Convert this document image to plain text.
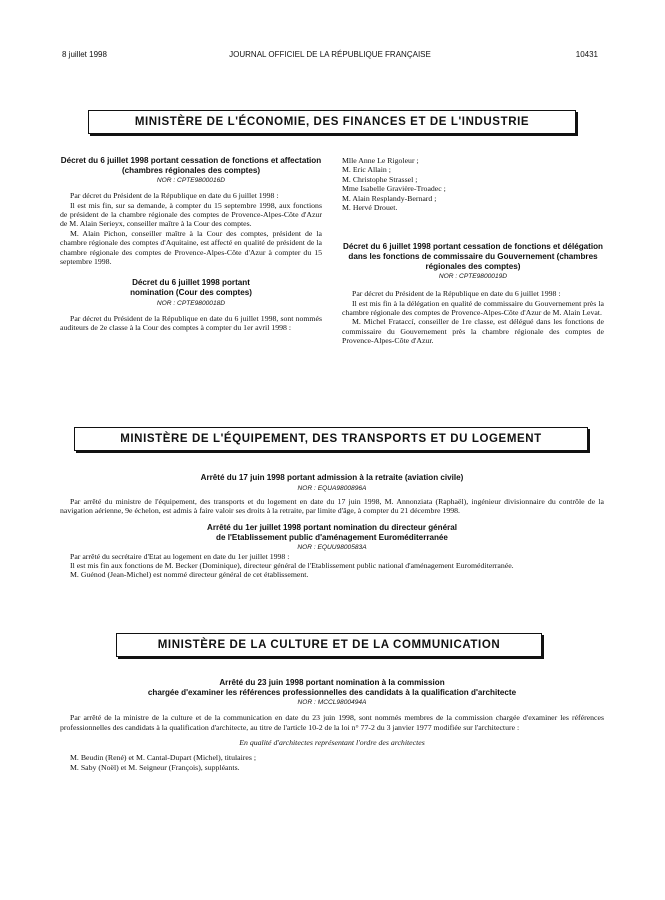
8 juillet 1998	JOURNAL OFFICIEL DE LA RÉPUBLIQUE FRANÇAISE	10431
MINISTÈRE DE L'ÉCONOMIE, DES FINANCES ET DE L'INDUSTRIE

Décret du 6 juillet 1998 portant cessation de fonctions et affectation (chambres régionales des comptes)

NOR : CPTE9800016D

Par décret du Président de la République en date du 6 juillet 1998 :

Il est mis fin, sur sa demande, à compter du 15 septembre 1998, aux fonctions de président de la chambre régionale des comptes de Provence-Alpes-Côte d'Azur de M. Alain Serieyx, conseiller maître à la Cour des comptes.

M. Alain Pichon, conseiller maître à la Cour des comptes, président de la chambre régionale des comptes d'Aquitaine, est affecté en qualité de président de la chambre régionale des comptes de Provence-Alpes-Côte d'Azur à compter du 15 septembre 1998.

Décret du 6 juillet 1998 portant nomination (Cour des comptes)

NOR : CPTE9800018D

Par décret du Président de la République en date du 6 juillet 1998, sont nommés auditeurs de 2e classe à la Cour des comptes à compter du 1er avril 1998 :

Mlle Anne Le Rigoleur ;

M. Eric Allain ;

M. Christophe Strassel ;

Mme Isabelle Gravière-Troadec ;

M. Alain Resplandy-Bernard ;

M. Hervé Drouet.

Décret du 6 juillet 1998 portant cessation de fonctions et délégation dans les fonctions de commissaire du Gouvernement (chambres régionales des comptes)

NOR : CPTE9800019D

Par décret du Président de la République en date du 6 juillet 1998 :

Il est mis fin à la délégation en qualité de commissaire du Gouvernement près la chambre régionale des comptes de Provence-Alpes-Côte d'Azur de M. Alain Levat.

M. Michel Frataccí, conseiller de 1re classe, est délégué dans les fonctions de commissaire du Gouvernement près la chambre régionale des comptes de Provence-Alpes-Côte d'Azur.

MINISTÈRE DE L'ÉQUIPEMENT, DES TRANSPORTS ET DU LOGEMENT

Arrêté du 17 juin 1998 portant admission à la retraite (aviation civile)

NOR : EQUA9800896A

Par arrêté du ministre de l'équipement, des transports et du logement en date du 17 juin 1998, M. Annonziata (Raphaël), ingénieur divisionnaire du contrôle de la navigation aérienne, 9e échelon, est admis à faire valoir ses droits à la retraite, par limite d'âge, à compter du 21 décembre 1998.

Arrêté du 1er juillet 1998 portant nomination du directeur général

de l'Etablissement public d'aménagement Euroméditerranée

NOR : EQUU9800583A

Par arrêté du secrétaire d'Etat au logement en date du 1er juillet 1998 :

Il est mis fin aux fonctions de M. Becker (Dominique), directeur général de l'Etablissement public national d'aménagement Euroméditerranée.

M. Guénod (Jean-Michel) est nommé directeur général de cet établissement.

MINISTÈRE DE LA CULTURE ET DE LA COMMUNICATION

Arrêté du 23 juin 1998 portant nomination à la commission

chargée d'examiner les références professionnelles des candidats à la qualification d'architecte

NOR : MCCL9800494A

Par arrêté de la ministre de la culture et de la communication en date du 23 juin 1998, sont nommés membres de la commission chargée d'examiner les références professionnelles des candidats à la qualification d'architecte, au titre de l'article 10-2 de la loi n° 77-2 du 3 janvier 1977 modifiée sur l'architecture :

En qualité d'architectes représentant l'ordre des architectes

M. Beudin (René) et M. Cantal-Dupart (Michel), titulaires ;

M. Saby (Noël) et M. Seigneur (François), suppléants.
